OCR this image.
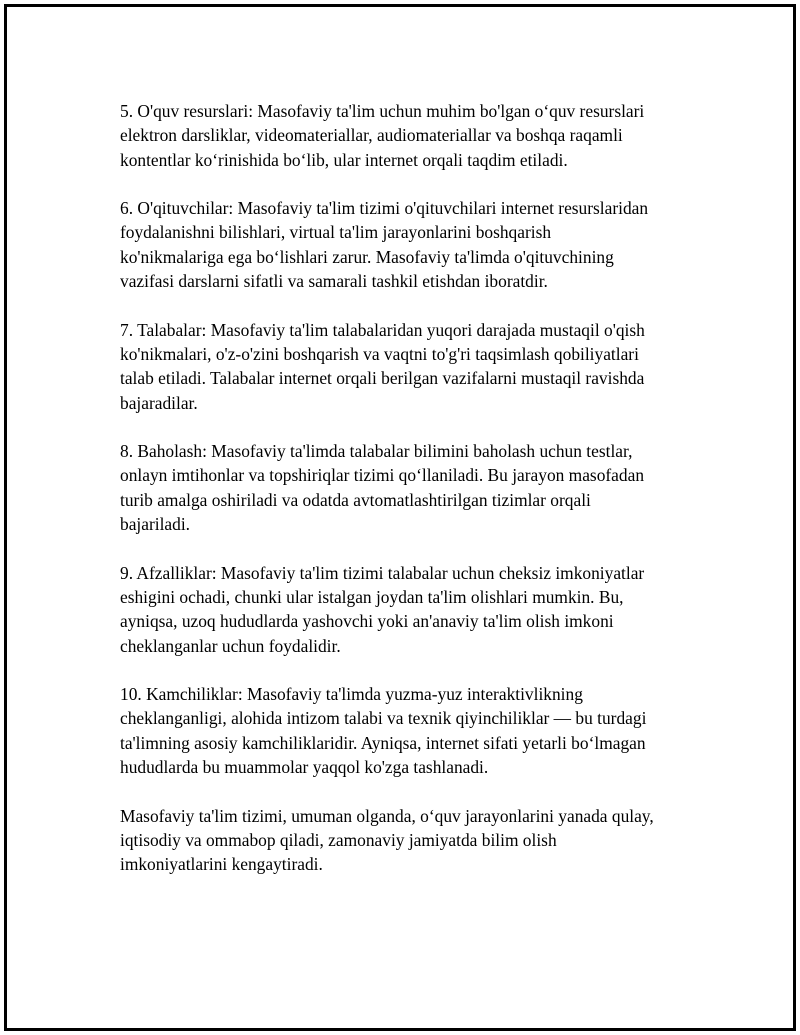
5. O'quv resurslari: Masofaviy ta'lim uchun muhim bo'lgan o‘quv resurslari
elektron darsliklar, videomateriallar, audiomateriallar va boshqa raqamli
kontentlar ko‘rinishida bo‘lib, ular internet orqali taqdim etiladi.

6. O'qituvchilar: Masofaviy ta'lim tizimi o'qituvchilari internet resurslaridan
foydalanishni bilishlari, virtual ta'lim jarayonlarini boshqarish
ko'nikmalariga ega bo‘lishlari zarur. Masofaviy ta'limda o'qituvchining
vazifasi darslarni sifatli va samarali tashkil etishdan iboratdir.

7. Talabalar: Masofaviy ta'lim talabalaridan yuqori darajada mustaqil o'qish
ko'nikmalari, o'z-o'zini boshqarish va vaqtni to'g'ri taqsimlash qobiliyatlari
talab etiladi. Talabalar internet orqali berilgan vazifalarni mustaqil ravishda
bajaradilar.

8. Baholash: Masofaviy ta'limda talabalar bilimini baholash uchun testlar,
onlayn imtihonlar va topshiriqlar tizimi qo‘llaniladi. Bu jarayon masofadan
turib amalga oshiriladi va odatda avtomatlashtirilgan tizimlar orqali
bajariladi.

9. Afzalliklar: Masofaviy ta'lim tizimi talabalar uchun cheksiz imkoniyatlar
eshigini ochadi, chunki ular istalgan joydan ta'lim olishlari mumkin. Bu,
ayniqsa, uzoq hududlarda yashovchi yoki an'anaviy ta'lim olish imkoni
cheklanganlar uchun foydalidir.

10. Kamchiliklar: Masofaviy ta'limda yuzma-yuz interaktivlikning
cheklanganligi, alohida intizom talabi va texnik qiyinchiliklar — bu turdagi
ta'limning asosiy kamchiliklaridir. Ayniqsa, internet sifati yetarli bo‘lmagan
hududlarda bu muammolar yaqqol ko'zga tashlanadi.

Masofaviy ta'lim tizimi, umuman olganda, o‘quv jarayonlarini yanada qulay,
iqtisodiy va ommabop qiladi, zamonaviy jamiyatda bilim olish
imkoniyatlarini kengaytiradi.
